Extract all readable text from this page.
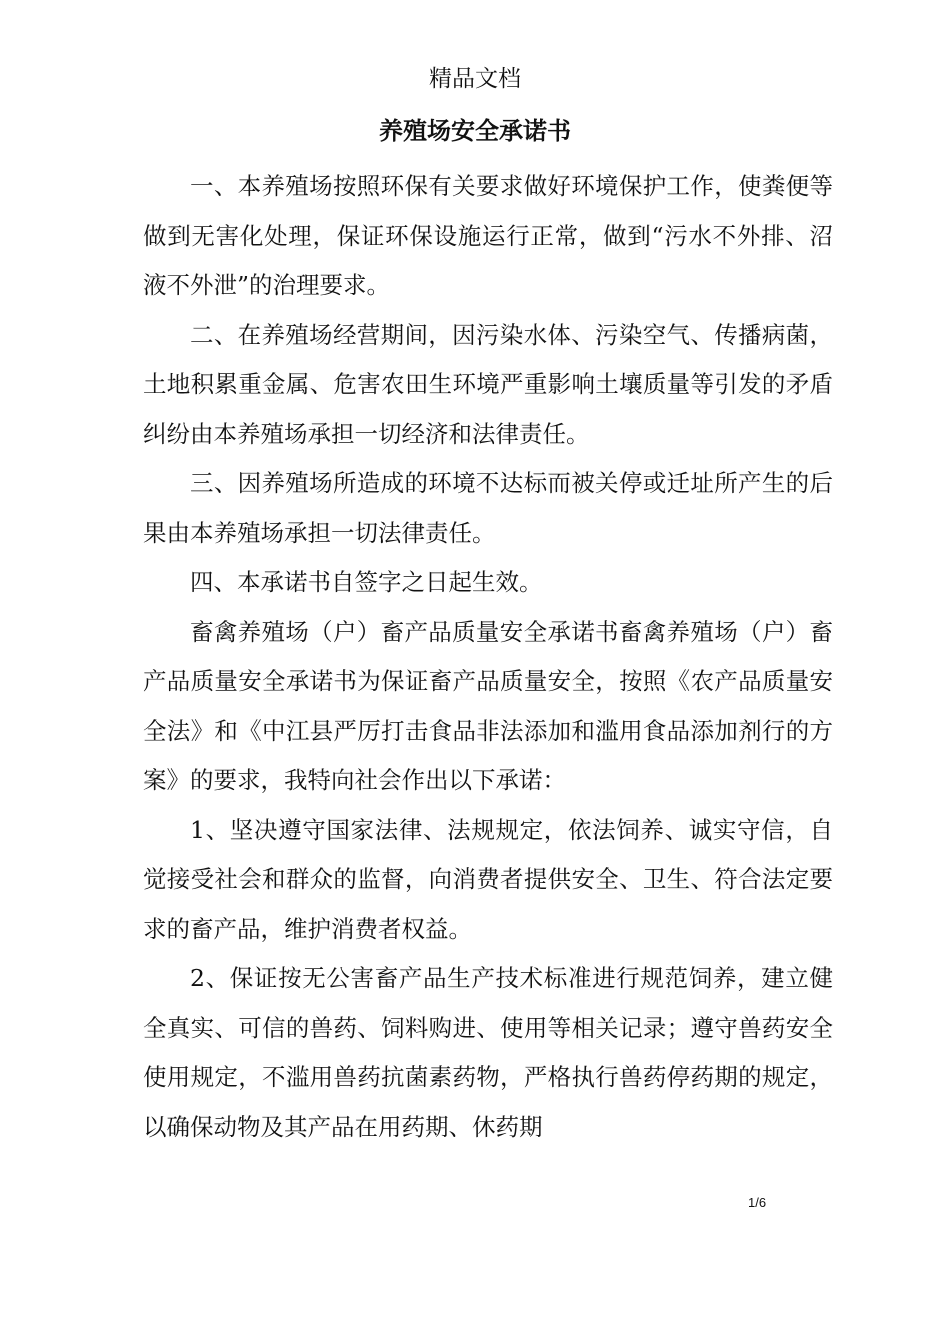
精品文档
养殖场安全承诺书

一、本养殖场按照环保有关要求做好环境保护工作，使粪便等做到无害化处理，保证环保设施运行正常，做到“污水不外排、沼液不外泄”的治理要求。

二、在养殖场经营期间，因污染水体、污染空气、传播病菌，土地积累重金属、危害农田生环境严重影响土壤质量等引发的矛盾纠纷由本养殖场承担一切经济和法律责任。

三、因养殖场所造成的环境不达标而被关停或迁址所产生的后果由本养殖场承担一切法律责任。

四、本承诺书自签字之日起生效。

畜禽养殖场（户）畜产品质量安全承诺书畜禽养殖场（户）畜产品质量安全承诺书为保证畜产品质量安全，按照《农产品质量安全法》和《中江县严厉打击食品非法添加和滥用食品添加剂行的方案》的要求，我特向社会作出以下承诺：

1、坚决遵守国家法律、法规规定，依法饲养、诚实守信，自觉接受社会和群众的监督，向消费者提供安全、卫生、符合法定要求的畜产品，维护消费者权益。

2、保证按无公害畜产品生产技术标准进行规范饲养，建立健全真实、可信的兽药、饲料购进、使用等相关记录；遵守兽药安全使用规定，不滥用兽药抗菌素药物，严格执行兽药停药期的规定，以确保动物及其产品在用药期、休药期

1/6
